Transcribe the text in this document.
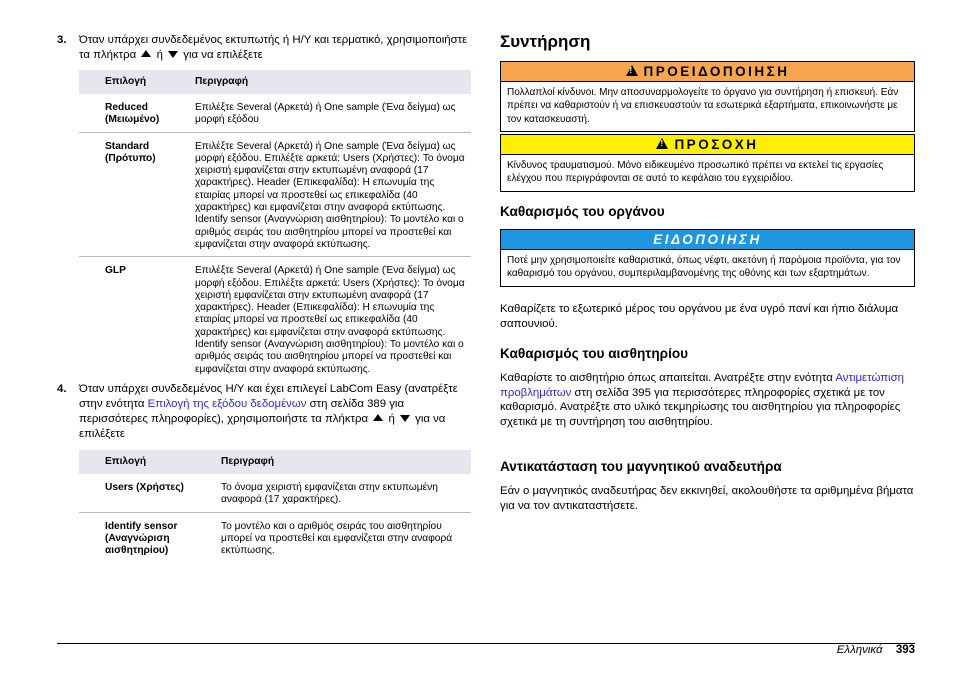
3. Όταν υπάρχει συνδεδεμένος εκτυπωτής ή Η/Υ και τερματικό, χρησιμοποιήστε τα πλήκτρα ή για να επιλέξετε
Επιλογή	Περιγραφή
Reduced (Μειωμένο)	Επιλέξτε Several (Αρκετά) ή One sample (Ένα δείγμα) ως μορφή εξόδου
Standard (Πρότυπο)	Επιλέξτε Several (Αρκετά) ή One sample (Ένα δείγμα) ως μορφή εξόδου. Επιλέξτε αρκετά: Users (Χρήστες): Το όνομα χειριστή εμφανίζεται στην εκτυπωμένη αναφορά (17 χαρακτήρες). Header (Επικεφαλίδα): Η επωνυμία της εταιρίας μπορεί να προστεθεί ως επικεφαλίδα (40 χαρακτήρες) και εμφανίζεται στην αναφορά εκτύπωσης. Identify sensor (Αναγνώριση αισθητηρίου): Το μοντέλο και ο αριθμός σειράς του αισθητηρίου μπορεί να προστεθεί και εμφανίζεται στην αναφορά εκτύπωσης.
GLP	Επιλέξτε Several (Αρκετά) ή One sample (Ένα δείγμα) ως μορφή εξόδου. Επιλέξτε αρκετά: Users (Χρήστες): Το όνομα χειριστή εμφανίζεται στην εκτυπωμένη αναφορά (17 χαρακτήρες). Header (Επικεφαλίδα): Η επωνυμία της εταιρίας μπορεί να προστεθεί ως επικεφαλίδα (40 χαρακτήρες) και εμφανίζεται στην αναφορά εκτύπωσης. Identify sensor (Αναγνώριση αισθητηρίου): Το μοντέλο και ο αριθμός σειράς του αισθητηρίου μπορεί να προστεθεί και εμφανίζεται στην αναφορά εκτύπωσης.
4. Όταν υπάρχει συνδεδεμένος Η/Υ και έχει επιλεγεί LabCom Easy (ανατρέξτε στην ενότητα Επιλογή της εξόδου δεδομένων στη σελίδα 389 για περισσότερες πληροφορίες), χρησιμοποιήστε τα πλήκτρα ή για να επιλέξετε
Επιλογή	Περιγραφή
Users (Χρήστες)	Το όνομα χειριστή εμφανίζεται στην εκτυπωμένη αναφορά (17 χαρακτήρες).
Identify sensor (Αναγνώριση αισθητηρίου)	Το μοντέλο και ο αριθμός σειράς του αισθητηρίου μπορεί να προστεθεί και εμφανίζεται στην αναφορά εκτύπωσης.
Συντήρηση
!ΠΡΟΕΙΔΟΠΟΙΗΣΗ
Πολλαπλοί κίνδυνοι. Μην αποσυναρμολογείτε το όργανο για συντήρηση ή επισκευή. Εάν πρέπει να καθαριστούν ή να επισκευαστούν τα εσωτερικά εξαρτήματα, επικοινωνήστε με τον κατασκευαστή.
!ΠΡΟΣΟΧΗ
Κίνδυνος τραυματισμού. Μόνο ειδικευμένο προσωπικό πρέπει να εκτελεί τις εργασίες ελέγχου που περιγράφονται σε αυτό το κεφάλαιο του εγχειριδίου.
Καθαρισμός του οργάνου
ΕΙΔΟΠΟΙΗΣΗ
Ποτέ μην χρησιμοποιείτε καθαριστικά, όπως νέφτι, ακετόνη ή παρόμοια προϊόντα, για τον καθαρισμό του οργάνου, συμπεριλαμβανομένης της οθόνης και των εξαρτημάτων.
Καθαρίζετε το εξωτερικό μέρος του οργάνου με ένα υγρό πανί και ήπιο διάλυμα σαπουνιού.
Καθαρισμός του αισθητηρίου
Καθαρίστε το αισθητήριο όπως απαιτείται. Ανατρέξτε στην ενότητα Αντιμετώπιση προβλημάτων στη σελίδα 395 για περισσότερες πληροφορίες σχετικά με τον καθαρισμό. Ανατρέξτε στο υλικό τεκμηρίωσης του αισθητηρίου για πληροφορίες σχετικά με τη συντήρηση του αισθητηρίου.
Αντικατάσταση του μαγνητικού αναδευτήρα
Εάν ο μαγνητικός αναδευτήρας δεν εκκινηθεί, ακολουθήστε τα αριθμημένα βήματα για να τον αντικαταστήσετε.
Ελληνικά 393
